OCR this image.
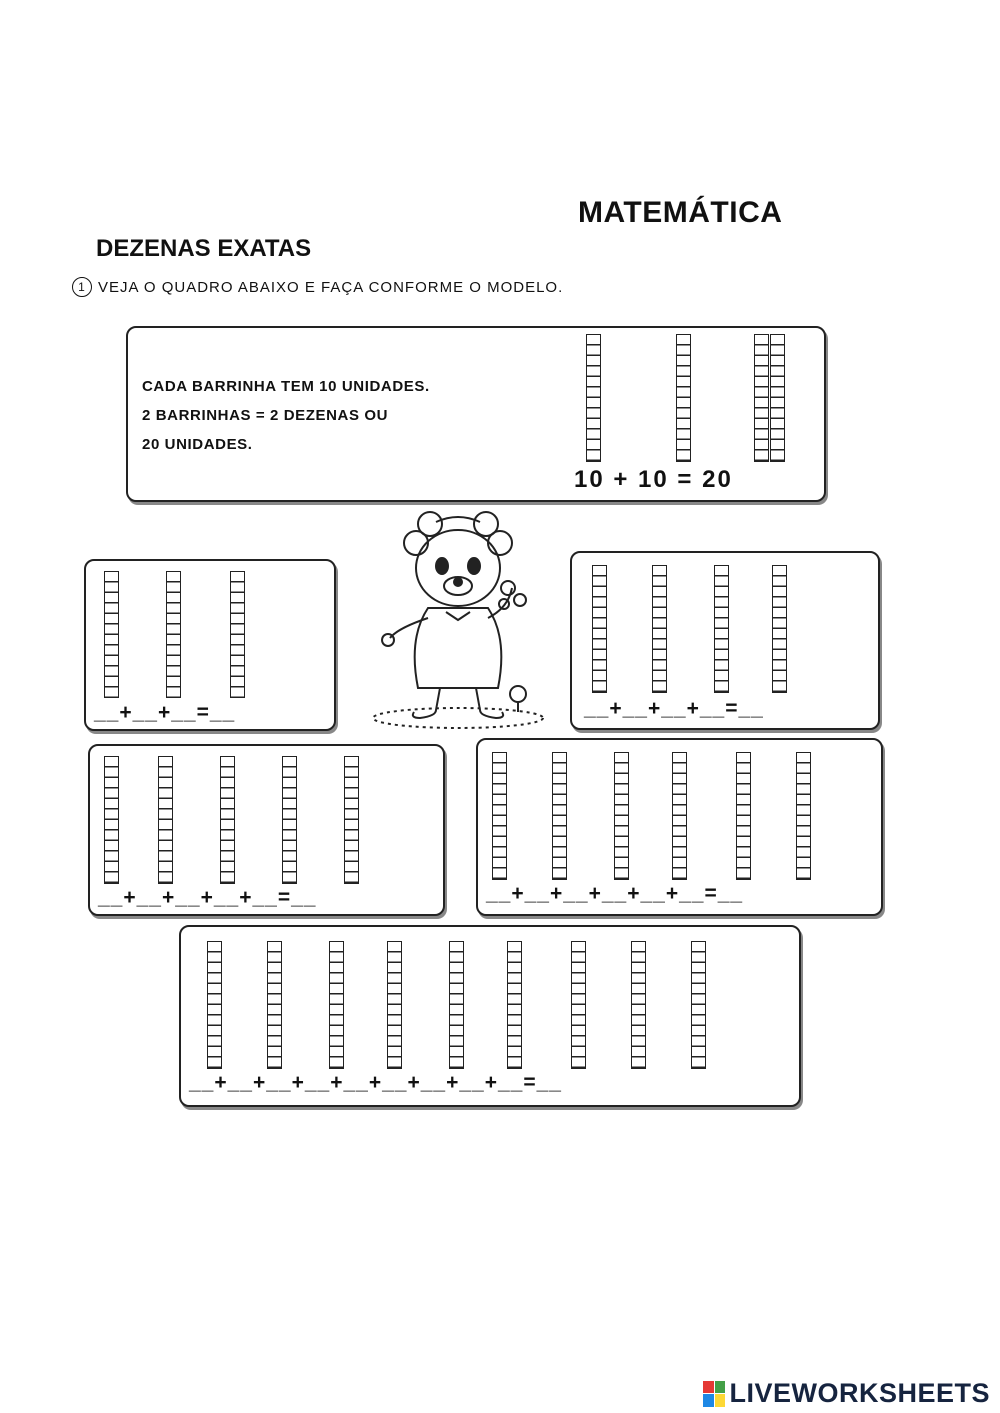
MATEMÁTICA
DEZENAS EXATAS
1 VEJA O QUADRO ABAIXO E FAÇA CONFORME O MODELO.
CADA BARRINHA TEM 10 UNIDADES.
2 BARRINHAS = 2 DEZENAS OU
20 UNIDADES.
10 + 10 = 20
__+__+__=__	__+__+__+__=__
__+__+__+__+__=__	__+__+__+__+__+__=__
__+__+__+__+__+__+__+__+__=__
LIVEWORKSHEETS
